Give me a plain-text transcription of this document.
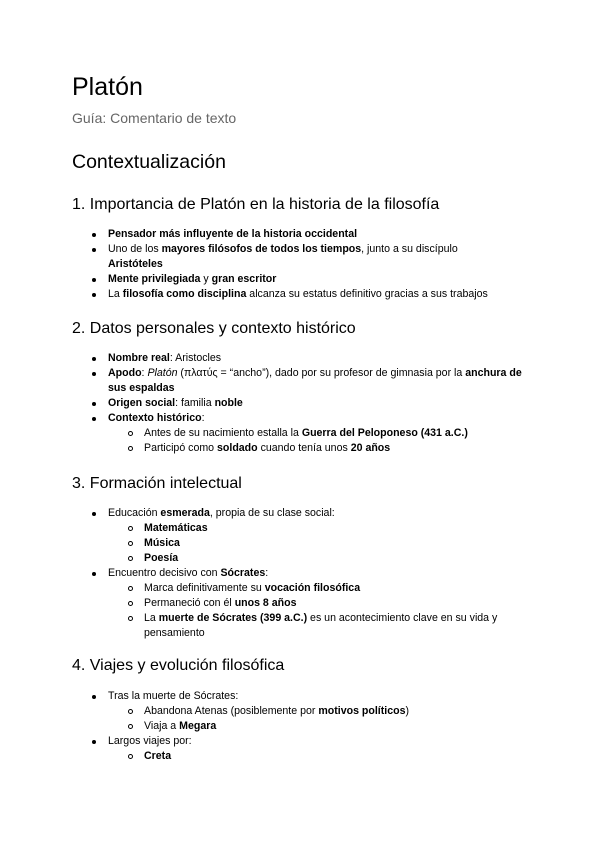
Platón
Guía: Comentario de texto
Contextualización
1. Importancia de Platón en la historia de la filosofía
Pensador más influyente de la historia occidental
Uno de los mayores filósofos de todos los tiempos, junto a su discípulo
Aristóteles
Mente privilegiada y gran escritor
La filosofía como disciplina alcanza su estatus definitivo gracias a sus trabajos
2. Datos personales y contexto histórico
Nombre real: Aristocles
Apodo: Platón (πλατύς = “ancho”), dado por su profesor de gimnasia por la anchura de sus espaldas
Origen social: familia noble
Contexto histórico:
Antes de su nacimiento estalla la Guerra del Peloponeso (431 a.C.)
Participó como soldado cuando tenía unos 20 años
3. Formación intelectual
Educación esmerada, propia de su clase social:
Matemáticas
Música
Poesía
Encuentro decisivo con Sócrates:
Marca definitivamente su vocación filosófica
Permaneció con él unos 8 años
La muerte de Sócrates (399 a.C.) es un acontecimiento clave en su vida y pensamiento
4. Viajes y evolución filosófica
Tras la muerte de Sócrates:
Abandona Atenas (posiblemente por motivos políticos)
Viaja a Megara
Largos viajes por:
Creta
